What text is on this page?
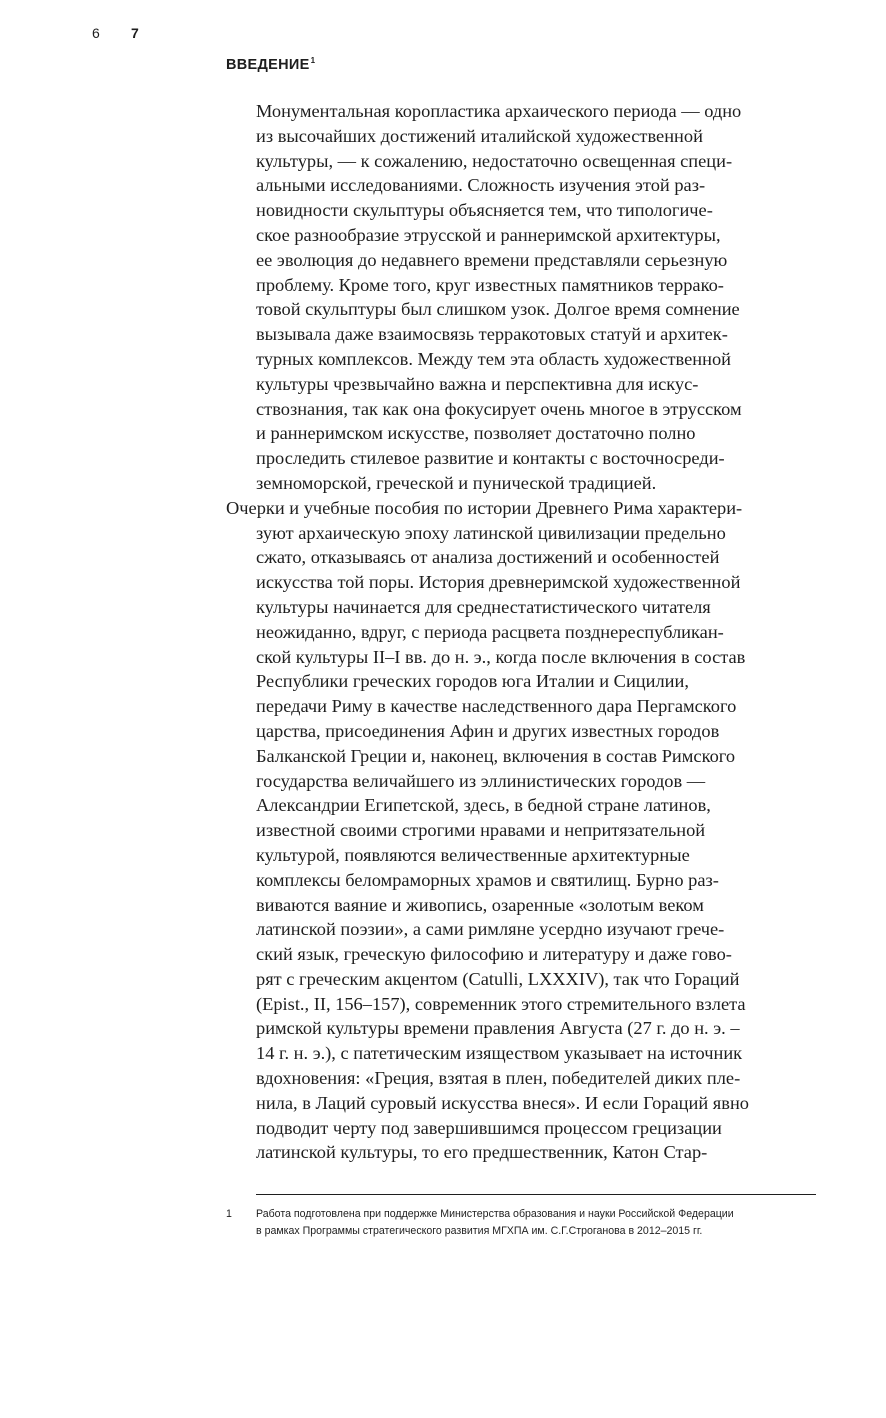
6 7
ВВЕДЕНИЕ$^1$
Монументальная коропластика архаического периода — одно
из высочайших достижений италийской художественной
культуры, — к сожалению, недостаточно освещенная специ-
альными исследованиями. Сложность изучения этой раз-
новидности скульптуры объясняется тем, что типологиче-
ское разнообразие этрусской и раннеримской архитектуры,
ее эволюция до недавнего времени представляли серьезную
проблему. Кроме того, круг известных памятников террако-
товой скульптуры был слишком узок. Долгое время сомнение
вызывала даже взаимосвязь терракотовых статуй и архитек-
турных комплексов. Между тем эта область художественной
культуры чрезвычайно важна и перспективна для искус-
ствознания, так как она фокусирует очень многое в этрусском
и раннеримском искусстве, позволяет достаточно полно
проследить стилевое развитие и контакты с восточносреди-
земноморской, греческой и пунической традицией.
Очерки и учебные пособия по истории Древнего Рима характери-
зуют архаическую эпоху латинской цивилизации предельно
сжато, отказываясь от анализа достижений и особенностей
искусства той поры. История древнеримской художественной
культуры начинается для среднестатистического читателя
неожиданно, вдруг, с периода расцвета позднереспубликан-
ской культуры II–I вв. до н. э., когда после включения в состав
Республики греческих городов юга Италии и Сицилии,
передачи Риму в качестве наследственного дара Пергамского
царства, присоединения Афин и других известных городов
Балканской Греции и, наконец, включения в состав Римского
государства величайшего из эллинистических городов —
Александрии Египетской, здесь, в бедной стране латинов,
известной своими строгими нравами и непритязательной
культурой, появляются величественные архитектурные
комплексы беломраморных храмов и святилищ. Бурно раз-
виваются ваяние и живопись, озаренные «золотым веком
латинской поэзии», а сами римляне усердно изучают грече-
ский язык, греческую философию и литературу и даже гово-
рят с греческим акцентом (Catulli, LXXXIV), так что Гораций
(Epist., II, 156–157), современник этого стремительного взлета
римской культуры времени правления Августа (27 г. до н. э. –
14 г. н. э.), с патетическим изяществом указывает на источник
вдохновения: «Греция, взятая в плен, победителей диких пле-
нила, в Лаций суровый искусства внеся». И если Гораций явно
подводит черту под завершившимся процессом грецизации
латинской культуры, то его предшественник, Катон Стар-
1 Работа подготовлена при поддержке Министерства образования и науки Российской Федерации
в рамках Программы стратегического развития МГХПА им. С.Г.Строганова в 2012–2015 гг.
